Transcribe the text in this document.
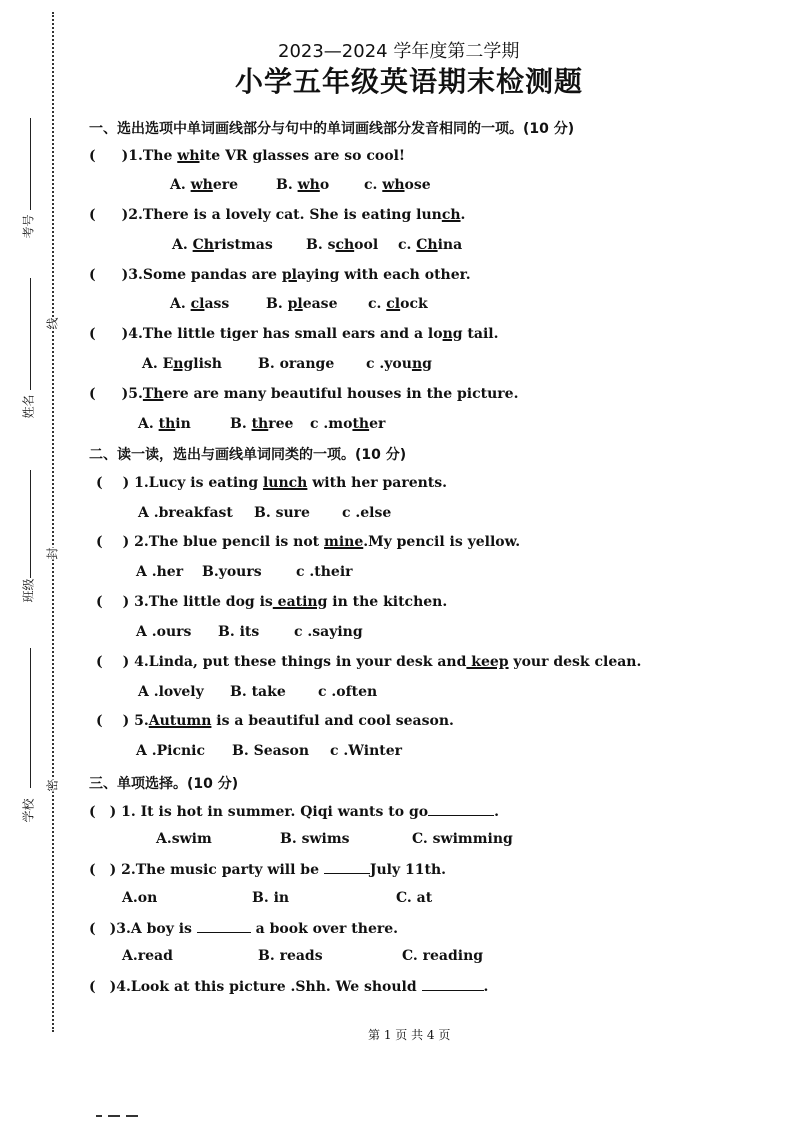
考号
姓名
班级
学校
线
封
密
2023—2024 学年度第二学期
小学五年级英语期末检测题
一、选出选项中单词画线部分与句中的单词画线部分发音相同的一项。(10 分)
( )1.The white VR glasses are so cool!
A. where	B. who c. whose
( )2.There is a lovely cat. She is eating lunch.
A. Christmas B. school c. China
( )3.Some pandas are playing with each other.
A. class	B. please c. clock
( )4.The little tiger has small ears and a long tail.
A. English	B. orange c .young
( )5.There are many beautiful houses in the picture.
A. thin	B. three c .mother
二、读一读，选出与画线单词同类的一项。(10 分)
( ) 1.Lucy is eating lunch with her parents.
A .breakfast B. sure c .else
( ) 2.The blue pencil is not mine.My pencil is yellow.
A .her B.yours c .their
( ) 3.The little dog is eating in the kitchen.
A .ours B. its c .saying
( ) 4.Linda, put these things in your desk and keep your desk clean.
A .lovely B. take c .often
( ) 5.Autumn is a beautiful and cool season.
A .Picnic B. Season c .Winter
三、单项选择。(10 分)
( ) 1. It is hot in summer. Qiqi wants to go	.
A.swim	B. swims	C. swimming
( ) 2.The music party will be	July 11th.
A.on	B. in	C. at
( )3.A boy is	a book over there.
A.read	B. reads	C. reading
( )4.Look at this picture .Shh. We should	.
第 1 页 共 4 页
